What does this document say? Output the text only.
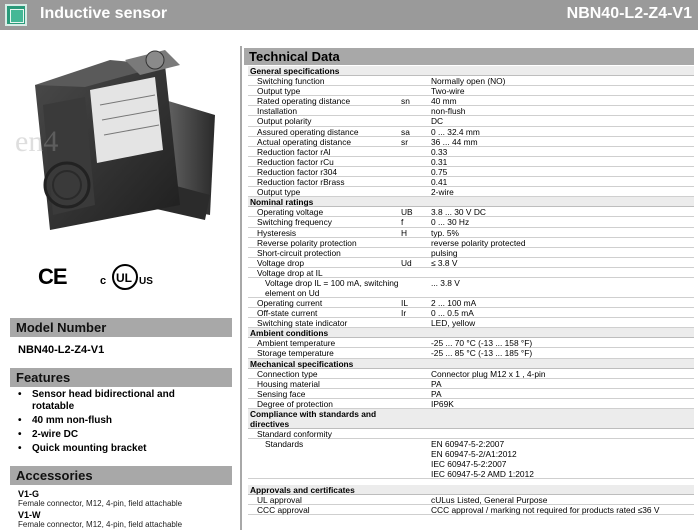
Inductive sensor	NBN40-L2-Z4-V1
en4
CE	c UL US
Model Number
NBN40-L2-Z4-V1
Features
• Sensor head bidirectional and rotatable
• 40 mm non-flush
• 2-wire DC
• Quick mounting bracket
Accessories
V1-G
Female connector, M12, 4-pin, field attachable
V1-W
Female connector, M12, 4-pin, field attachable
Technical Data
General specifications
Switching function	Normally open (NO)
Output type	Two-wire
Rated operating distance	sn	40 mm
Installation	non-flush
Output polarity	DC
Assured operating distance	sa	0 ... 32.4 mm
Actual operating distance	sr	36 ... 44 mm
Reduction factor rAl	0.33
Reduction factor rCu	0.31
Reduction factor r304	0.75
Reduction factor rBrass	0.41
Output type	2-wire
Nominal ratings
Operating voltage	UB 3.8 ... 30 V DC
Switching frequency	f	0 ... 30 Hz
Hysteresis	H	typ. 5%
Reverse polarity protection	reverse polarity protected
Short-circuit protection	pulsing
Voltage drop	Ud ≤ 3.8 V
Voltage drop at IL
Voltage drop IL = 100 mA, switching element on Ud
... 3.8 V
Operating current	IL	2 ... 100 mA
Off-state current	Ir	0 ... 0.5 mA
Switching state indicator	LED, yellow
Ambient conditions
Ambient temperature	-25 ... 70 °C (-13 ... 158 °F)
Storage temperature	-25 ... 85 °C (-13 ... 185 °F)
Mechanical specifications
Connection type	Connector plug M12 x 1 , 4-pin
Housing material	PA
Sensing face	PA
Degree of protection	IP69K
Compliance with standards and directives
Standard conformity
Standards	EN 60947-5-2:2007
EN 60947-5-2/A1:2012
IEC 60947-5-2:2007
IEC 60947-5-2 AMD 1:2012
Approvals and certificates
UL approval	cULus Listed, General Purpose
CCC approval	CCC approval / marking not required for products rated ≤36 V
